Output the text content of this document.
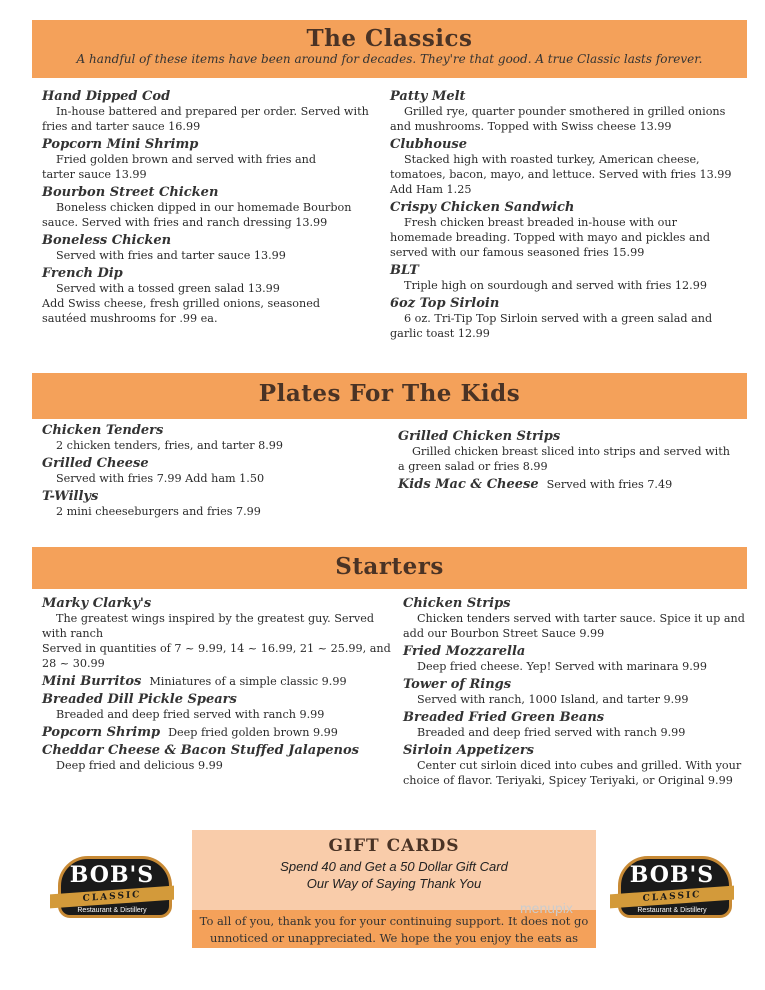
The Classics

A handful of these items have been around for decades. They're that good. A true Classic lasts forever.

Hand Dipped Cod
In-house battered and prepared per order. Served with
fries and tarter sauce 16.99
Popcorn Mini Shrimp
Fried golden brown and served with fries and
tarter sauce 13.99
Bourbon Street Chicken
Boneless chicken dipped in our homemade Bourbon
sauce. Served with fries and ranch dressing 13.99
Boneless Chicken
Served with fries and tarter sauce 13.99
French Dip
Served with a tossed green salad 13.99
Add Swiss cheese, fresh grilled onions, seasoned
sautéed mushrooms for .99 ea.
Patty Melt
Grilled rye, quarter pounder smothered in grilled onions
and mushrooms. Topped with Swiss cheese 13.99
Clubhouse
Stacked high with roasted turkey, American cheese,
tomatoes, bacon, mayo, and lettuce. Served with fries 13.99
Add Ham 1.25
Crispy Chicken Sandwich
Fresh chicken breast breaded in-house with our
homemade breading. Topped with mayo and pickles and
served with our famous seasoned fries 15.99
BLT
Triple high on sourdough and served with fries 12.99
6oz Top Sirloin
6 oz. Tri-Tip Top Sirloin served with a green salad and
garlic toast 12.99
Plates For The Kids
Chicken Tenders
2 chicken tenders, fries, and tarter 8.99
Grilled Cheese
Served with fries 7.99 Add ham 1.50
T-Willys
2 mini cheeseburgers and fries 7.99
Grilled Chicken Strips
Grilled chicken breast sliced into strips and served with
a green salad or fries 8.99
Kids Mac & Cheese Served with fries 7.49
Starters
Marky Clarky's
The greatest wings inspired by the greatest guy. Served
with ranch
Served in quantities of 7 ~ 9.99, 14 ~ 16.99, 21 ~ 25.99, and
28 ~ 30.99
Mini Burritos Miniatures of a simple classic 9.99
Breaded Dill Pickle Spears
Breaded and deep fried served with ranch 9.99
Popcorn Shrimp Deep fried golden brown 9.99
Cheddar Cheese & Bacon Stuffed Jalapenos
Deep fried and delicious 9.99
Chicken Strips
Chicken tenders served with tarter sauce. Spice it up and
add our Bourbon Street Sauce 9.99
Fried Mozzarella
Deep fried cheese. Yep! Served with marinara 9.99
Tower of Rings
Served with ranch, 1000 Island, and tarter 9.99
Breaded Fried Green Beans
Breaded and deep fried served with ranch 9.99
Sirloin Appetizers
Center cut sirloin diced into cubes and grilled. With your
choice of flavor. Teriyaki, Spicey Teriyaki, or Original 9.99
GIFT CARDS
Spend 40 and Get a 50 Dollar Gift Card
Our Way of Saying Thank You
To all of you, thank you for your continuing support. It does not go
unnoticed or unappreciated. We hope the you enjoy the eats as
BOB'S
CLASSIC
Restaurant & Distillery
BOB'S
CLASSIC
Restaurant & Distillery
menupix
